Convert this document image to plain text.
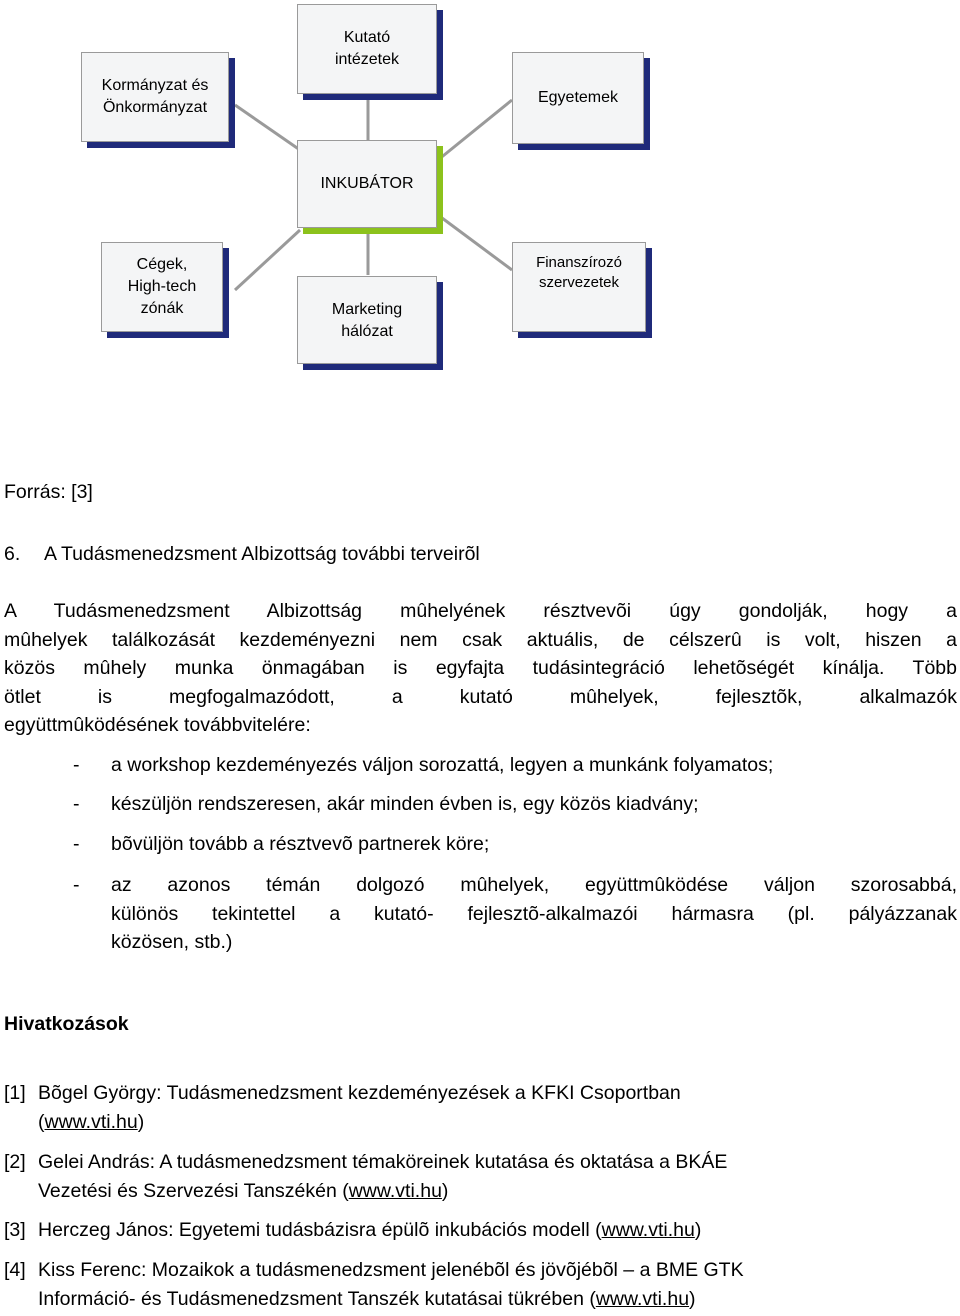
Kormányzat és
Önkormányzat
Kutató
intézetek
Egyetemek
INKUBÁTOR
Cégek,
High-tech
zónák	Marketing
hálózat
Finanszírozó
szervezetek
Forrás: [3]
6. A Tudásmenedzsment Albizottság további terveirõl
A Tudásmenedzsment Albizottság mûhelyének résztvevõi úgy gondolják, hogy a
mûhelyek találkozását kezdeményezni nem csak aktuális, de célszerû is volt, hiszen a
közös mûhely munka önmagában is egyfajta tudásintegráció lehetõségét kínálja. Több
ötlet is megfogalmazódott, a kutató mûhelyek, fejlesztõk, alkalmazók
együttmûködésének továbbvitelére:
- a workshop kezdeményezés váljon sorozattá, legyen a munkánk folyamatos;
- készüljön rendszeresen, akár minden évben is, egy közös kiadvány;
- bõvüljön tovább a résztvevõ partnerek köre;
- az azonos témán dolgozó mûhelyek, együttmûködése váljon szorosabbá,
különös tekintettel a kutató- fejlesztõ-alkalmazói hármasra (pl. pályázzanak
közösen, stb.)
Hivatkozások
[1] Bõgel György: Tudásmenedzsment kezdeményezések a KFKI Csoportban
(www.vti.hu)
[2] Gelei András: A tudásmenedzsment témaköreinek kutatása és oktatása a BKÁE
Vezetési és Szervezési Tanszékén (www.vti.hu)
[3] Herczeg János: Egyetemi tudásbázisra épülõ inkubációs modell (www.vti.hu)
[4] Kiss Ferenc: Mozaikok a tudásmenedzsment jelenébõl és jövõjébõl – a BME GTK
Információ- és Tudásmenedzsment Tanszék kutatásai tükrében (www.vti.hu)
